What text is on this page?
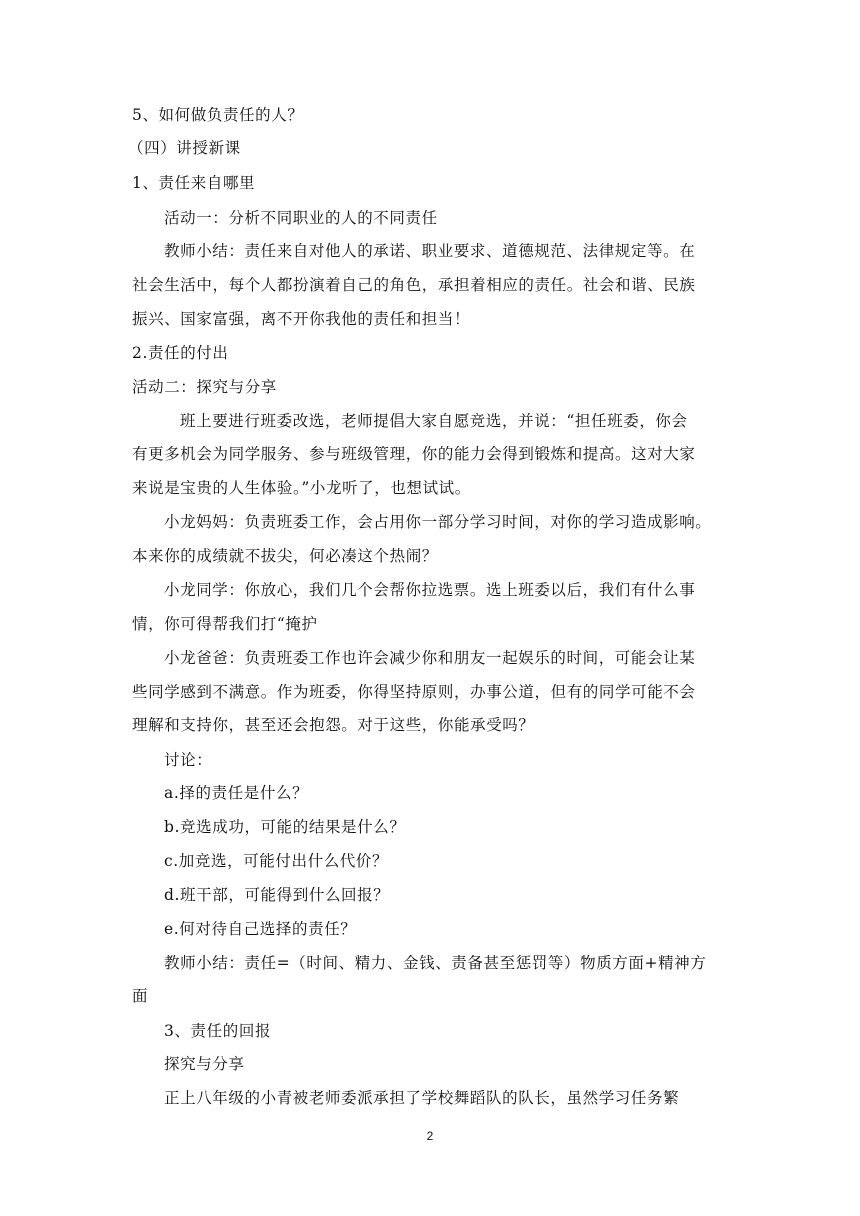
5、如何做负责任的人？
（四）讲授新课
1、责任来自哪里
活动一：分析不同职业的人的不同责任
教师小结：责任来自对他人的承诺、职业要求、道德规范、法律规定等。在
社会生活中，每个人都扮演着自己的角色，承担着相应的责任。社会和谐、民族
振兴、国家富强，离不开你我他的责任和担当！
2.责任的付出
活动二：探究与分享
班上要进行班委改选，老师提倡大家自愿竞选，并说：“担任班委，你会
有更多机会为同学服务、参与班级管理，你的能力会得到锻炼和提高。这对大家
来说是宝贵的人生体验。”小龙听了，也想试试。
小龙妈妈：负责班委工作，会占用你一部分学习时间，对你的学习造成影响。
本来你的成绩就不拔尖，何必凑这个热闹？
小龙同学：你放心，我们几个会帮你拉选票。选上班委以后，我们有什么事
情，你可得帮我们打“掩护
小龙爸爸：负责班委工作也许会减少你和朋友一起娱乐的时间，可能会让某
些同学感到不满意。作为班委，你得坚持原则，办事公道，但有的同学可能不会
理解和支持你，甚至还会抱怨。对于这些，你能承受吗？
讨论：
a.择的责任是什么？
b.竞选成功，可能的结果是什么？
c.加竞选，可能付出什么代价？
d.班干部，可能得到什么回报？
e.何对待自己选择的责任？
教师小结：责任=（时间、精力、金钱、责备甚至惩罚等）物质方面+精神方
面
3、责任的回报
探究与分享
正上八年级的小青被老师委派承担了学校舞蹈队的队长，虽然学习任务繁
2
